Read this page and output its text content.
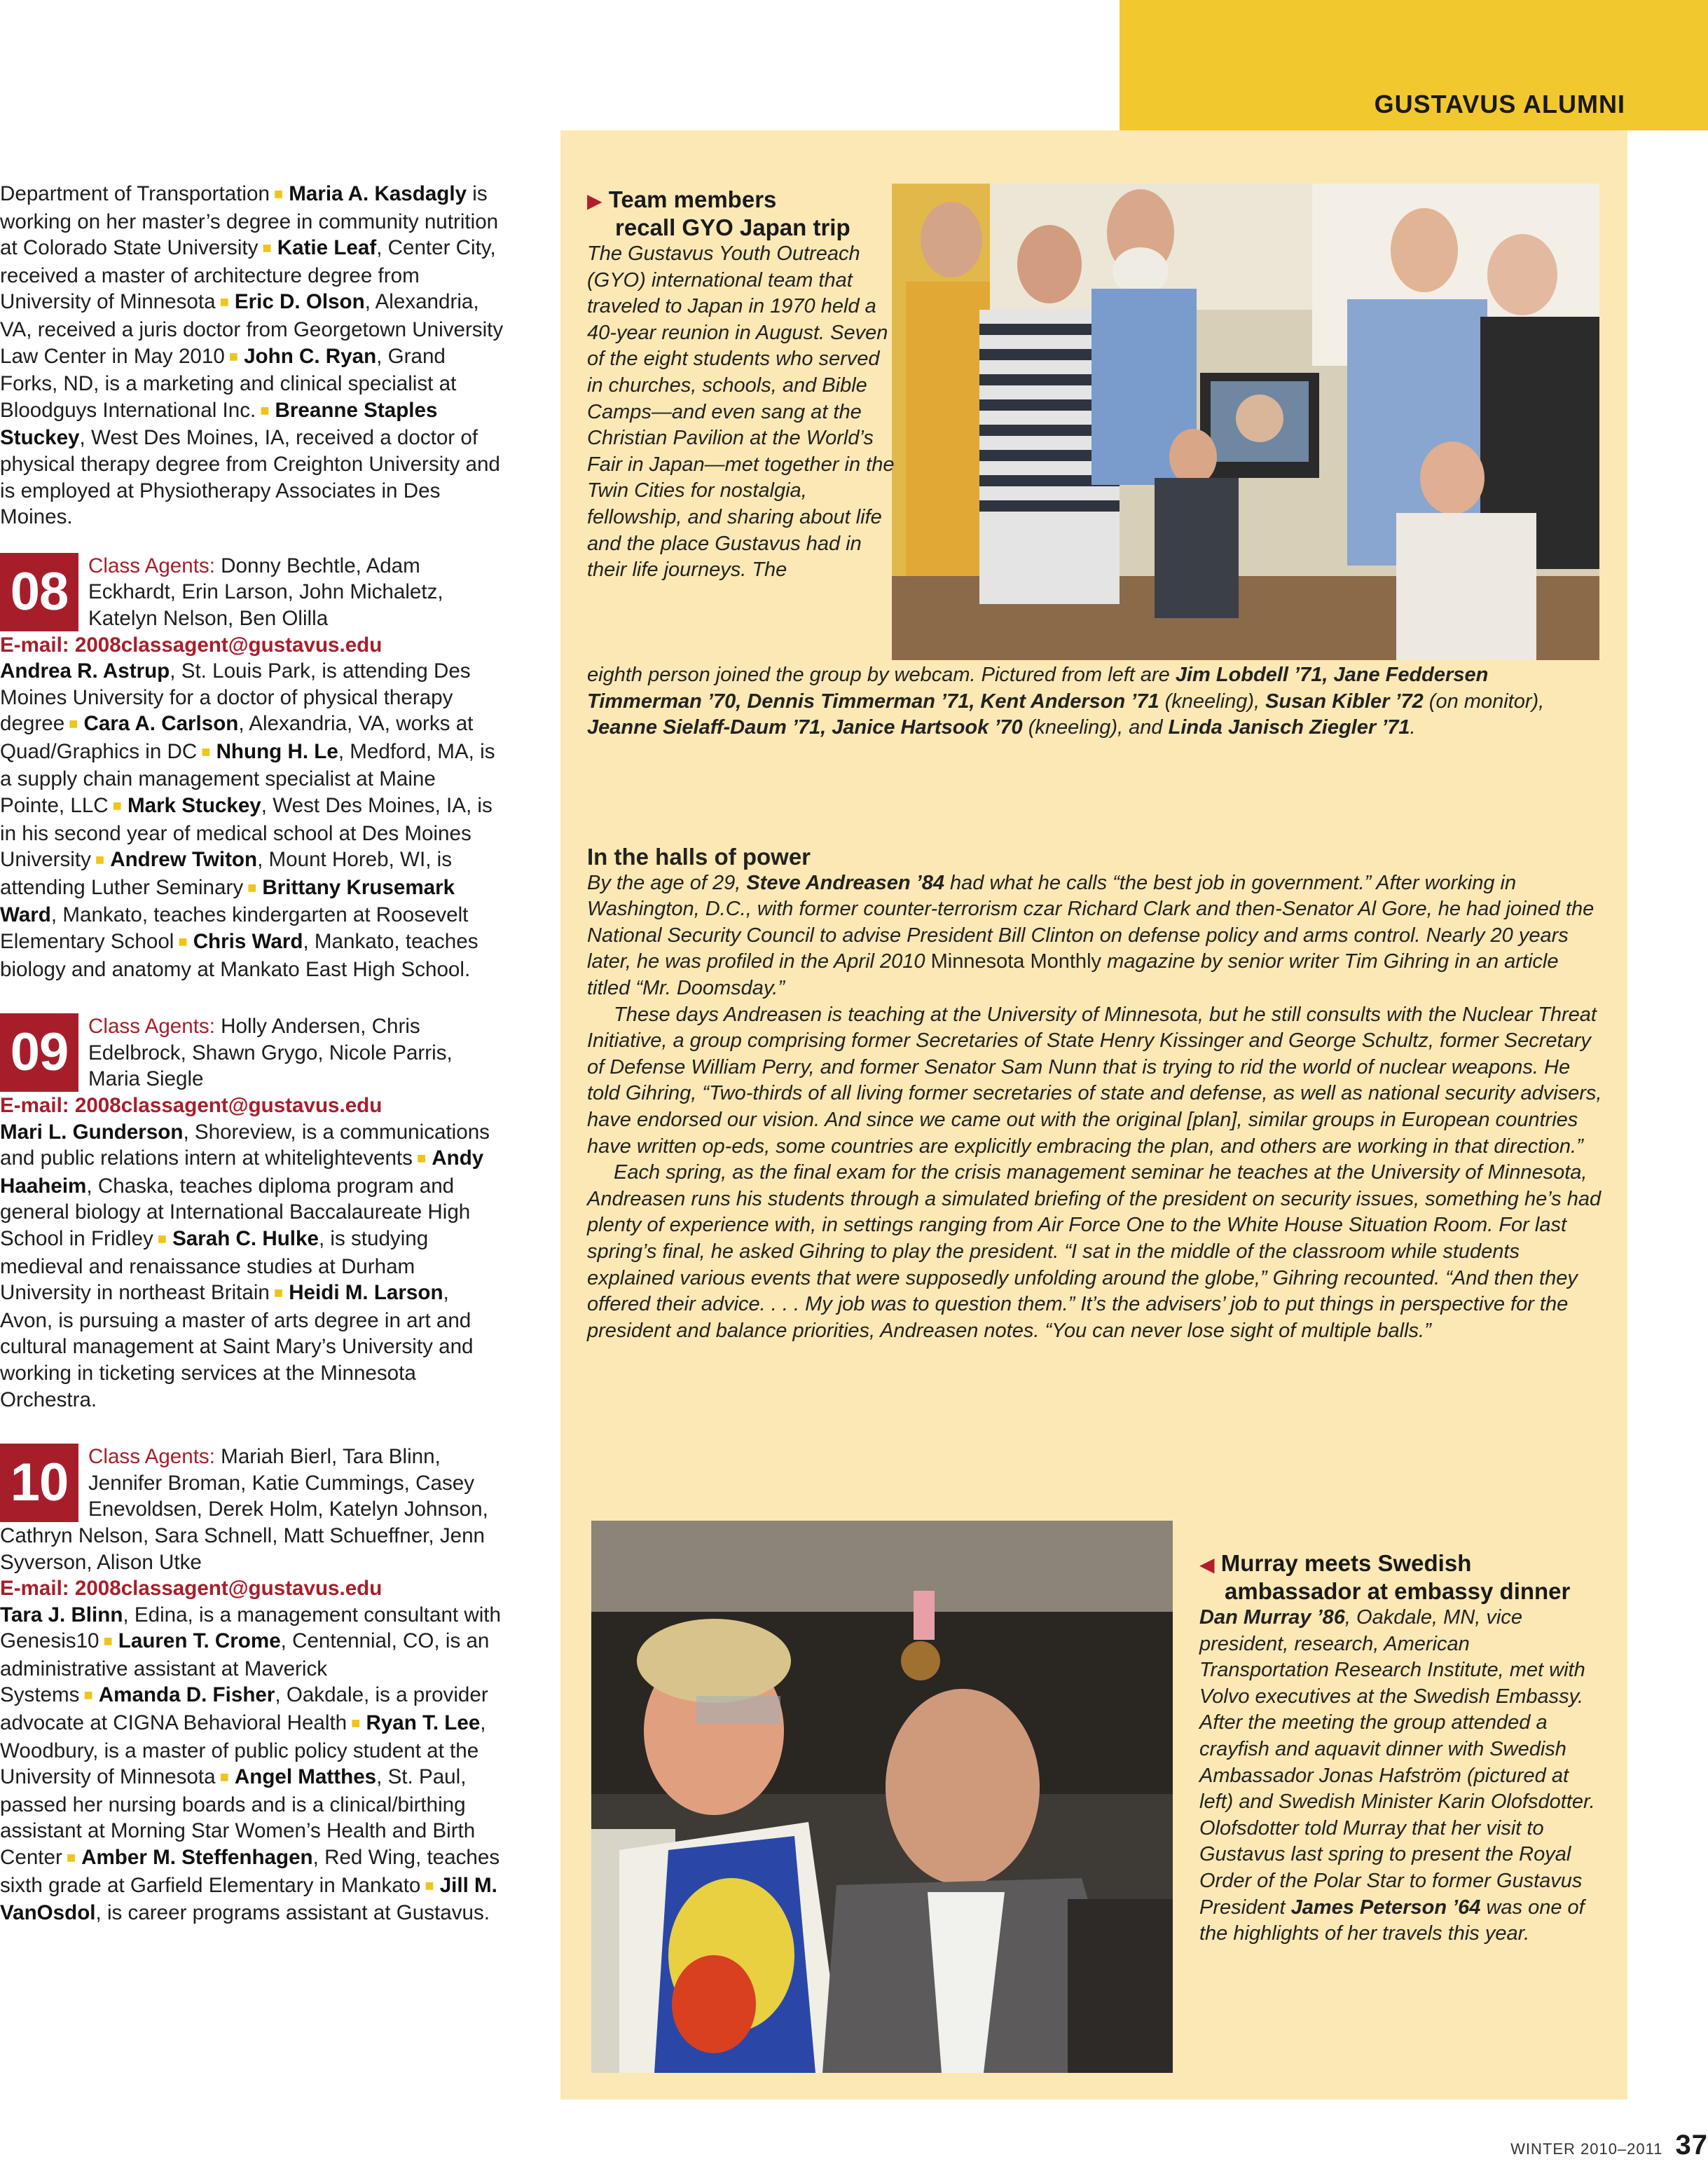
GUSTAVUS ALUMNI

Department of Transportation ■ Maria A. Kasdagly is working on her master’s degree in community nutrition at Colorado State University ■ Katie Leaf, Center City, received a master of architecture degree from University of Minnesota ■ Eric D. Olson, Alexandria, VA, received a juris doctor from Georgetown University Law Center in May 2010 ■ John C. Ryan, Grand Forks, ND, is a marketing and clinical specialist at Bloodguys International Inc. ■ Breanne Staples Stuckey, West Des Moines, IA, received a doctor of physical therapy degree from Creighton University and is employed at Physiotherapy Associates in Des Moines.

08 Class Agents: Donny Bechtle, Adam Eckhardt, Erin Larson, John Michaletz, Katelyn Nelson, Ben Olilla
E-mail: 2008classagent@gustavus.edu

Andrea R. Astrup, St. Louis Park, is attending Des Moines University for a doctor of physical therapy degree ■ Cara A. Carlson, Alexandria, VA, works at Quad/Graphics in DC ■ Nhung H. Le, Medford, MA, is a supply chain management specialist at Maine Pointe, LLC ■ Mark Stuckey, West Des Moines, IA, is in his second year of medical school at Des Moines University ■ Andrew Twiton, Mount Horeb, WI, is attending Luther Seminary ■ Brittany Krusemark Ward, Mankato, teaches kindergarten at Roosevelt Elementary School ■ Chris Ward, Mankato, teaches biology and anatomy at Mankato East High School.

09 Class Agents: Holly Andersen, Chris Edelbrock, Shawn Grygo, Nicole Parris, Maria Siegle
E-mail: 2008classagent@gustavus.edu

Mari L. Gunderson, Shoreview, is a communications and public relations intern at whitelightevents ■ Andy Haaheim, Chaska, teaches diploma program and general biology at International Baccalaureate High School in Fridley ■ Sarah C. Hulke, is studying medieval and renaissance studies at Durham University in northeast Britain ■ Heidi M. Larson, Avon, is pursuing a master of arts degree in art and cultural management at Saint Mary’s University and working in ticketing services at the Minnesota Orchestra.

10 Class Agents: Mariah Bierl, Tara Blinn, Jennifer Broman, Katie Cummings, Casey Enevoldsen, Derek Holm, Katelyn Johnson, Cathryn Nelson, Sara Schnell, Matt Schueffner, Jenn Syverson, Alison Utke
E-mail: 2008classagent@gustavus.edu

Tara J. Blinn, Edina, is a management consultant with Genesis10 ■ Lauren T. Crome, Centennial, CO, is an administrative assistant at Maverick Systems ■ Amanda D. Fisher, Oakdale, is a provider advocate at CIGNA Behavioral Health ■ Ryan T. Lee, Woodbury, is a master of public policy student at the University of Minnesota ■ Angel Matthes, St. Paul, passed her nursing boards and is a clinical/birthing assistant at Morning Star Women’s Health and Birth Center ■ Amber M. Steffenhagen, Red Wing, teaches sixth grade at Garfield Elementary in Mankato ■ Jill M. VanOsdol, is career programs assistant at Gustavus.

▶ Team members
recall GYO Japan trip
The Gustavus Youth Outreach (GYO) international team that traveled to Japan in 1970 held a 40-year reunion in August. Seven of the eight students who served in churches, schools, and Bible Camps—and even sang at the Christian Pavilion at the World’s Fair in Japan—met together in the Twin Cities for nostalgia, fellowship, and sharing about life and the place Gustavus had in their life journeys. The
eighth person joined the group by webcam. Pictured from left are Jim Lobdell ’71, Jane Feddersen Timmerman ’70, Dennis Timmerman ’71, Kent Anderson ’71 (kneeling), Susan Kibler ’72 (on monitor), Jeanne Sielaff-Daum ’71, Janice Hartsook ’70 (kneeling), and Linda Janisch Ziegler ’71.
In the halls of power

By the age of 29, Steve Andreasen ’84 had what he calls “the best job in government.” After working in Washington, D.C., with former counter-terrorism czar Richard Clark and then-Senator Al Gore, he had joined the National Security Council to advise President Bill Clinton on defense policy and arms control. Nearly 20 years later, he was profiled in the April 2010 Minnesota Monthly magazine by senior writer Tim Gihring in an article titled “Mr. Doomsday.”

These days Andreasen is teaching at the University of Minnesota, but he still consults with the Nuclear Threat Initiative, a group comprising former Secretaries of State Henry Kissinger and George Schultz, former Secretary of Defense William Perry, and former Senator Sam Nunn that is trying to rid the world of nuclear weapons. He told Gihring, “Two-thirds of all living former secretaries of state and defense, as well as national security advisers, have endorsed our vision. And since we came out with the original [plan], similar groups in European countries have written op-eds, some countries are explicitly embracing the plan, and others are working in that direction.”

Each spring, as the final exam for the crisis management seminar he teaches at the University of Minnesota, Andreasen runs his students through a simulated briefing of the president on security issues, something he’s had plenty of experience with, in settings ranging from Air Force One to the White House Situation Room. For last spring’s final, he asked Gihring to play the president. “I sat in the middle of the classroom while students explained various events that were supposedly unfolding around the globe,” Gihring recounted. “And then they offered their advice. . . . My job was to question them.” It’s the advisers’ job to put things in perspective for the president and balance priorities, Andreasen notes. “You can never lose sight of multiple balls.”

◀ Murray meets Swedish
ambassador at embassy dinner
Dan Murray ’86, Oakdale, MN, vice president, research, American Transportation Research Institute, met with Volvo executives at the Swedish Embassy. After the meeting the group attended a crayfish and aquavit dinner with Swedish Ambassador Jonas Hafström (pictured at left) and Swedish Minister Karin Olofsdotter. Olofsdotter told Murray that her visit to Gustavus last spring to present the Royal Order of the Polar Star to former Gustavus President James Peterson ’64 was one of the highlights of her travels this year.
WINTER 2010–2011 37
